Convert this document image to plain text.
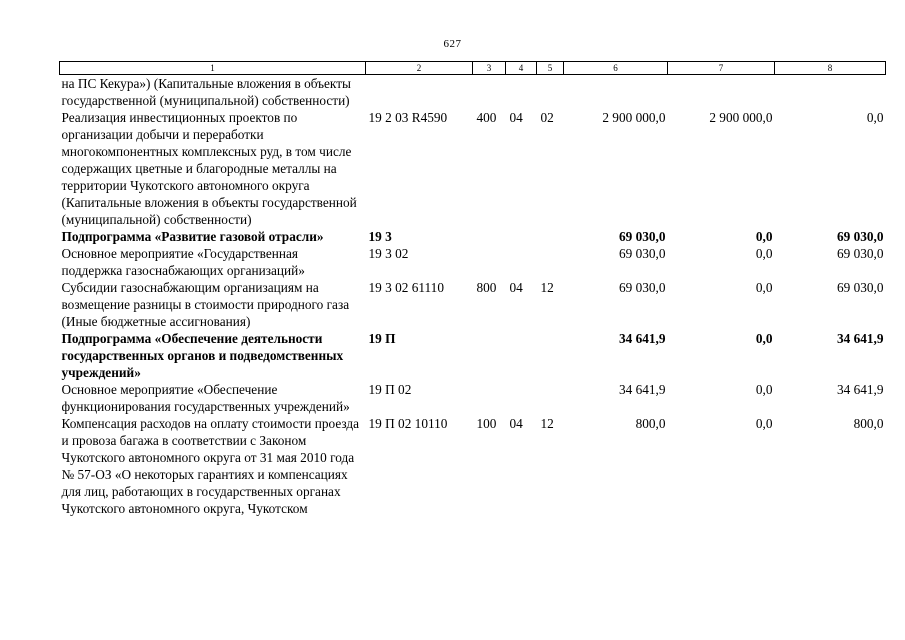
627
1	2	3	4	5	6	7	8
на ПС Кекура») (Капитальные вложения в объекты государственной (муниципальной) собственности)							
Реализация инвестиционных проектов по организации добычи и переработки многокомпонентных комплексных руд, в том числе содержащих цветные и благородные металлы на территории Чукотского автономного округа (Капитальные вложения в объекты государственной (муниципальной) собственности)	19 2 03 R4590	400	04	02	2 900 000,0	2 900 000,0	0,0
Подпрограмма «Развитие газовой отрасли»	19 3				69 030,0	0,0	69 030,0
Основное мероприятие «Государственная поддержка газоснабжающих организаций»	19 3 02				69 030,0	0,0	69 030,0
Субсидии газоснабжающим организациям на возмещение разницы в стоимости природного газа (Иные бюджетные ассигнования)	19 3 02 61110	800	04	12	69 030,0	0,0	69 030,0
Подпрограмма «Обеспечение деятельности государственных органов и подведомственных учреждений»	19 П				34 641,9	0,0	34 641,9
Основное мероприятие «Обеспечение функционирования государственных учреждений»	19 П 02				34 641,9	0,0	34 641,9
Компенсация расходов на оплату стоимости проезда и провоза багажа в соответствии с Законом Чукотского автономного округа от 31 мая 2010 года № 57-ОЗ «О некоторых гарантиях и компенсациях для лиц, работающих в государственных органах Чукотского автономного округа, Чукотском	19 П 02 10110	100	04	12	800,0	0,0	800,0
